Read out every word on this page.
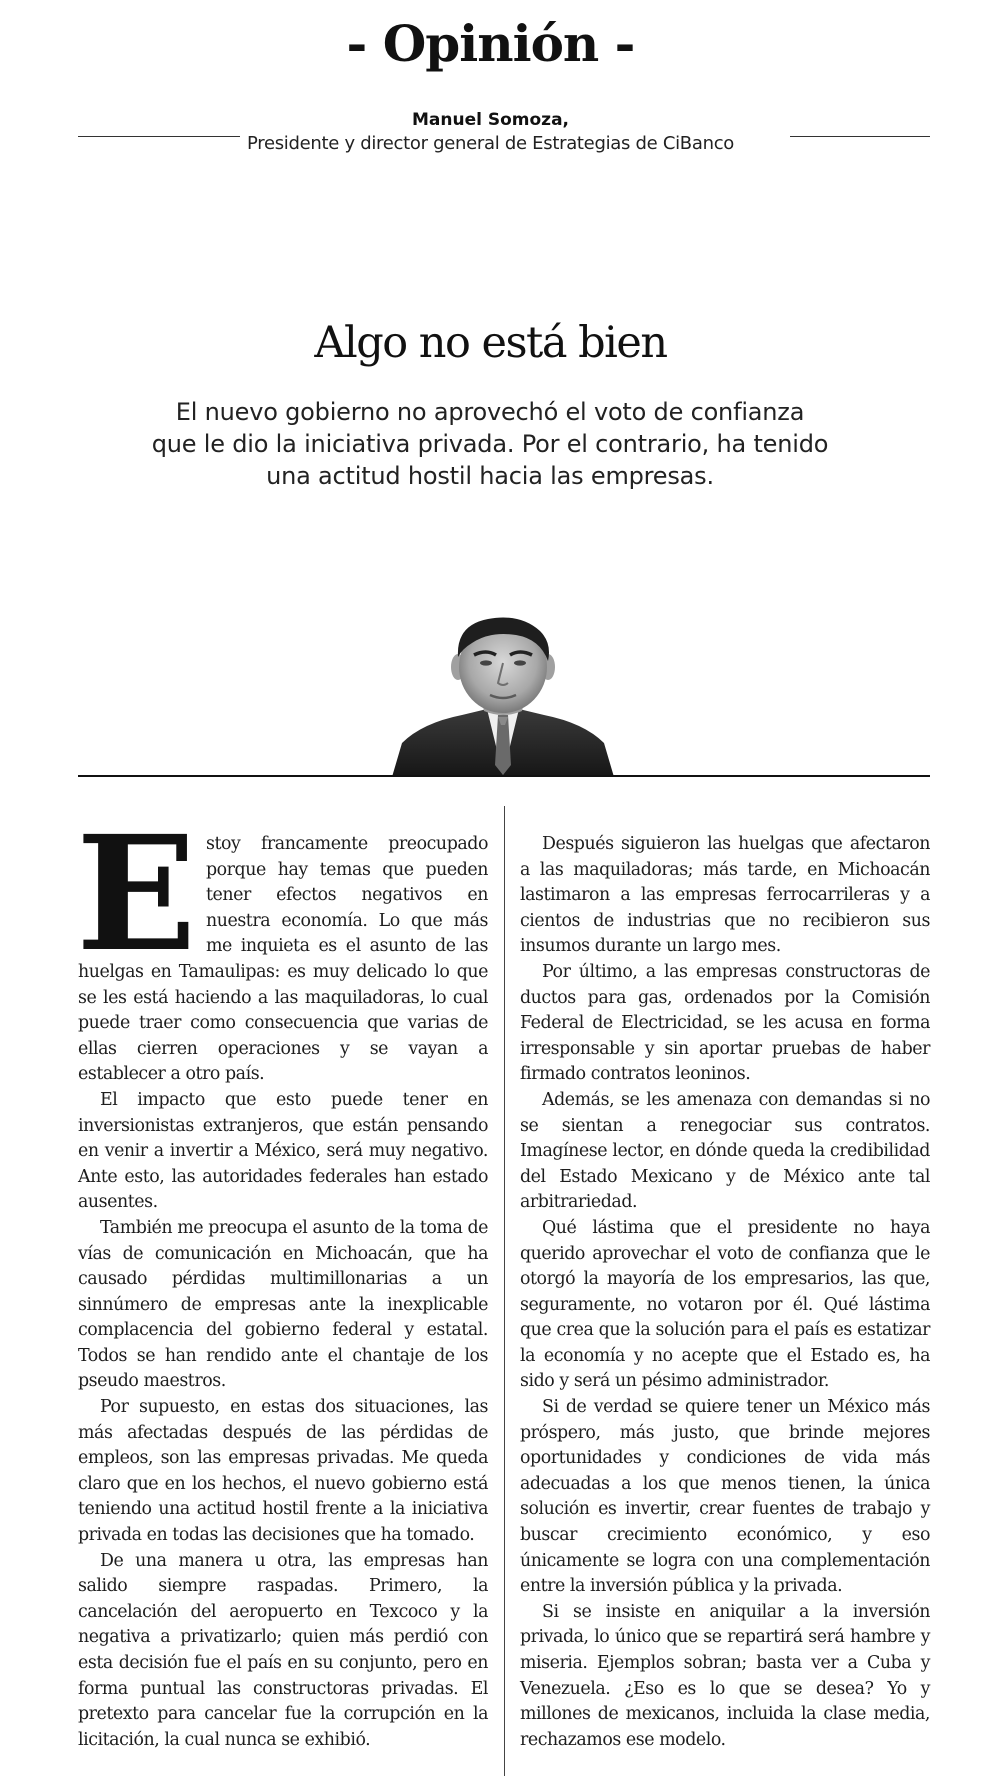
- Opinión -
Manuel Somoza,
Presidente y director general de Estrategias de CiBanco
Algo no está bien
El nuevo gobierno no aprovechó el voto de confianza que le dio la iniciativa privada. Por el contrario, ha tenido una actitud hostil hacia las empresas.
E stoy francamente preocupado porque hay temas que pueden tener efectos negativos en nuestra economía. Lo que más me inquieta es el asunto de las huelgas en Tamaulipas: es muy delicado lo que se les está haciendo a las maquiladoras, lo cual puede traer como consecuencia que varias de ellas cierren operaciones y se vayan a establecer a otro país.

El impacto que esto puede tener en inversionistas extranjeros, que están pensando en venir a invertir a México, será muy negativo. Ante esto, las autoridades federales han estado ausentes.

También me preocupa el asunto de la toma de vías de comunicación en Michoacán, que ha causado pérdidas multimillonarias a un sinnúmero de empresas ante la inexplicable complacencia del gobierno federal y estatal. Todos se han rendido ante el chantaje de los pseudo maestros.

Por supuesto, en estas dos situaciones, las más afectadas después de las pérdidas de empleos, son las empresas privadas. Me queda claro que en los hechos, el nuevo gobierno está teniendo una actitud hostil frente a la iniciativa privada en todas las decisiones que ha tomado.

De una manera u otra, las empresas han salido siempre raspadas. Primero, la cancelación del aeropuerto en Texcoco y la negativa a privatizarlo; quien más perdió con esta decisión fue el país en su conjunto, pero en forma puntual las constructoras privadas. El pretexto para cancelar fue la corrupción en la licitación, la cual nunca se exhibió.

Después siguieron las huelgas que afectaron a las maquiladoras; más tarde, en Michoacán lastimaron a las empresas ferrocarrileras y a cientos de industrias que no recibieron sus insumos durante un largo mes.

Por último, a las empresas constructoras de ductos para gas, ordenados por la Comisión Federal de Electricidad, se les acusa en forma irresponsable y sin aportar pruebas de haber firmado contratos leoninos.

Además, se les amenaza con demandas si no se sientan a renegociar sus contratos. Imagínese lector, en dónde queda la credibilidad del Estado Mexicano y de México ante tal arbitrariedad.

Qué lástima que el presidente no haya querido aprovechar el voto de confianza que le otorgó la mayoría de los empresarios, las que, seguramente, no votaron por él. Qué lástima que crea que la solución para el país es estatizar la economía y no acepte que el Estado es, ha sido y será un pésimo administrador.

Si de verdad se quiere tener un México más próspero, más justo, que brinde mejores oportunidades y condiciones de vida más adecuadas a los que menos tienen, la única solución es invertir, crear fuentes de trabajo y buscar crecimiento económico, y eso únicamente se logra con una complementación entre la inversión pública y la privada.

Si se insiste en aniquilar a la inversión privada, lo único que se repartirá será hambre y miseria. Ejemplos sobran; basta ver a Cuba y Venezuela. ¿Eso es lo que se desea? Yo y millones de mexicanos, incluida la clase media, rechazamos ese modelo.
